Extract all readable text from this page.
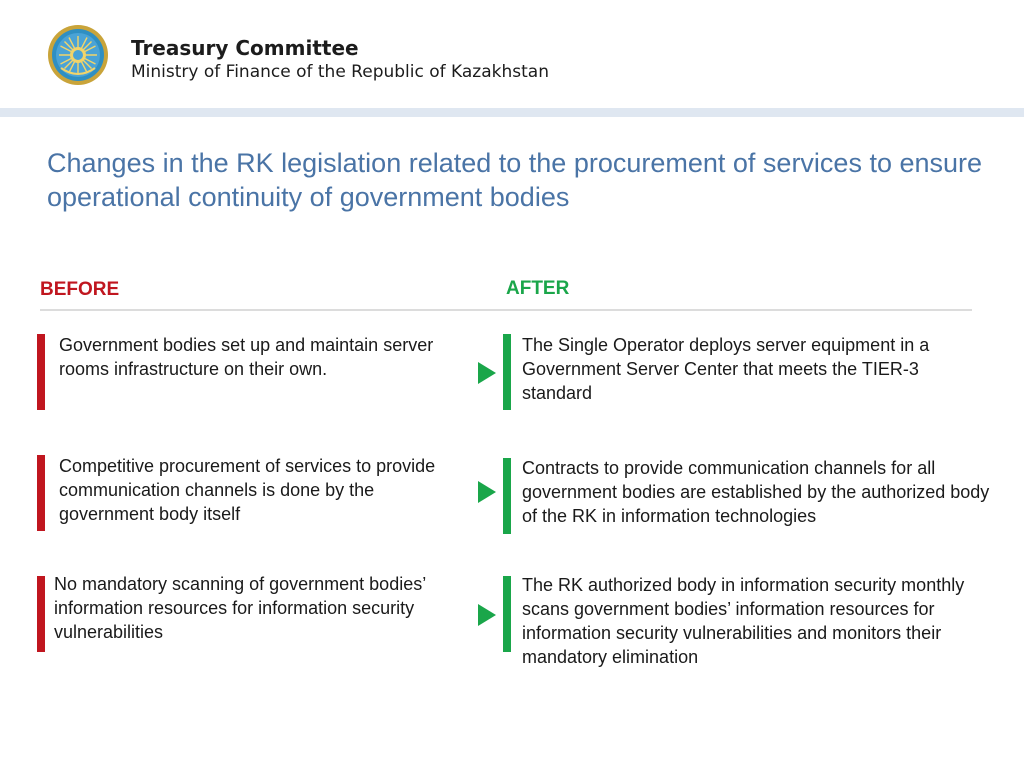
Treasury Committee
Ministry of Finance of the Republic of Kazakhstan
Changes in the RK legislation related to the procurement of services to ensure operational continuity of government bodies
BEFORE	AFTER
Government bodies set up and maintain server rooms infrastructure on their own.
The Single Operator deploys server equipment in a Government Server Center that meets the TIER-3 standard
Competitive procurement of services to provide communication channels is done by the government body itself
Contracts to provide communication channels for all government bodies are established by the authorized body of the RK in information technologies
No mandatory scanning of government bodies’ information resources for information security vulnerabilities
The RK authorized body in information security monthly scans government bodies’ information resources for information security vulnerabilities and monitors their mandatory elimination
